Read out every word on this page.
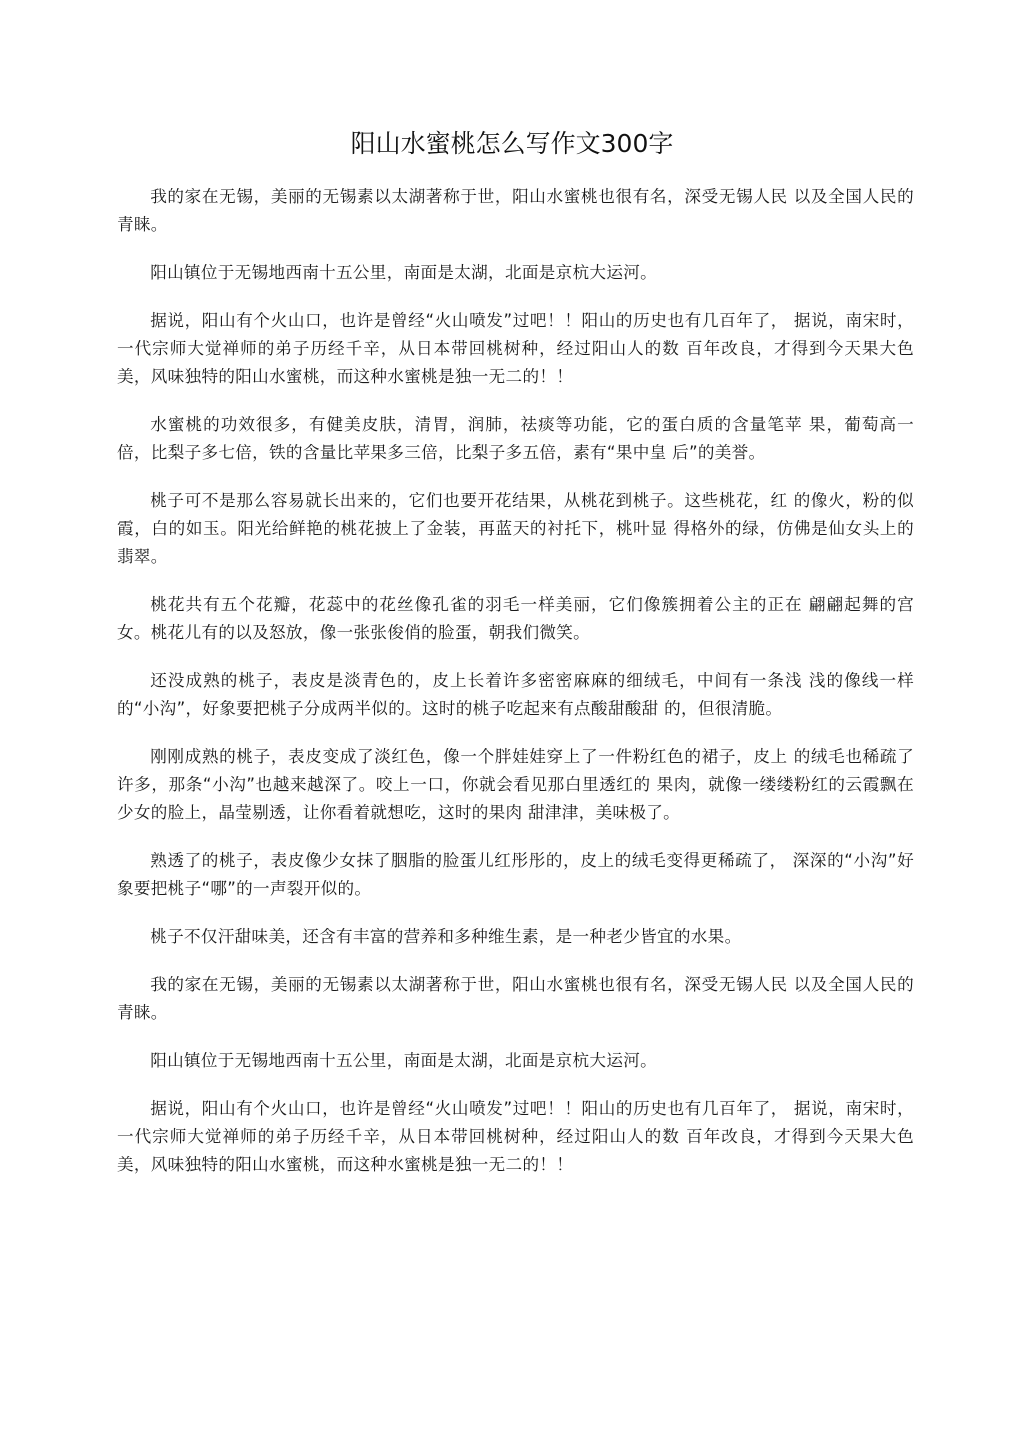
阳山水蜜桃怎么写作文300字

我的家在无锡，美丽的无锡素以太湖著称于世，阳山水蜜桃也很有名，深受无锡人民 以及全国人民的青睐。

阳山镇位于无锡地西南十五公里，南面是太湖，北面是京杭大运河。

据说，阳山有个火山口，也许是曾经“火山喷发”过吧！！阳山的历史也有几百年了， 据说，南宋时，一代宗师大觉禅师的弟子历经千辛，从日本带回桃树种，经过阳山人的数 百年改良，才得到今天果大色美，风味独特的阳山水蜜桃，而这种水蜜桃是独一无二的！！

水蜜桃的功效很多，有健美皮肤，清胃，润肺，祛痰等功能，它的蛋白质的含量笔苹 果，葡萄高一倍，比梨子多七倍，铁的含量比苹果多三倍，比梨子多五倍，素有“果中皇 后”的美誉。

桃子可不是那么容易就长出来的，它们也要开花结果，从桃花到桃子。这些桃花，红 的像火，粉的似霞，白的如玉。阳光给鲜艳的桃花披上了金装，再蓝天的衬托下，桃叶显 得格外的绿，仿佛是仙女头上的翡翠。

桃花共有五个花瓣，花蕊中的花丝像孔雀的羽毛一样美丽，它们像簇拥着公主的正在 翩翩起舞的宫女。桃花儿有的以及怒放，像一张张俊俏的脸蛋，朝我们微笑。

还没成熟的桃子，表皮是淡青色的，皮上长着许多密密麻麻的细绒毛，中间有一条浅 浅的像线一样的“小沟”，好象要把桃子分成两半似的。这时的桃子吃起来有点酸甜酸甜 的，但很清脆。

刚刚成熟的桃子，表皮变成了淡红色，像一个胖娃娃穿上了一件粉红色的裙子，皮上 的绒毛也稀疏了许多，那条“小沟”也越来越深了。咬上一口，你就会看见那白里透红的 果肉，就像一缕缕粉红的云霞飘在少女的脸上，晶莹剔透，让你看着就想吃，这时的果肉 甜津津，美味极了。

熟透了的桃子，表皮像少女抹了胭脂的脸蛋儿红彤彤的，皮上的绒毛变得更稀疏了， 深深的“小沟”好象要把桃子“哪”的一声裂开似的。

桃子不仅汗甜味美，还含有丰富的营养和多种维生素，是一种老少皆宜的水果。

我的家在无锡，美丽的无锡素以太湖著称于世，阳山水蜜桃也很有名，深受无锡人民 以及全国人民的青睐。

阳山镇位于无锡地西南十五公里，南面是太湖，北面是京杭大运河。

据说，阳山有个火山口，也许是曾经“火山喷发”过吧！！阳山的历史也有几百年了， 据说，南宋时，一代宗师大觉禅师的弟子历经千辛，从日本带回桃树种，经过阳山人的数 百年改良，才得到今天果大色美，风味独特的阳山水蜜桃，而这种水蜜桃是独一无二的！！
